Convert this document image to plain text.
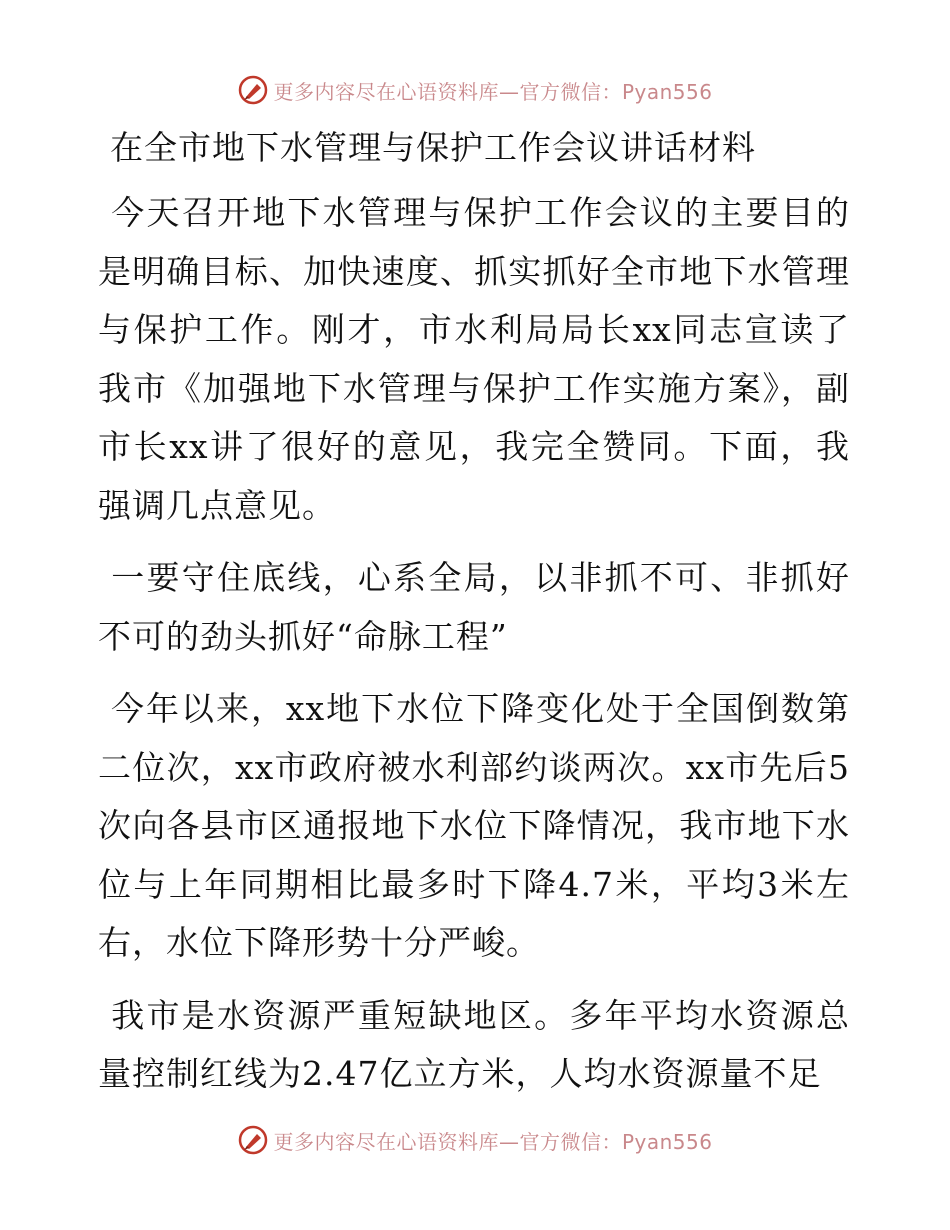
更多内容尽在心语资料库—官方微信：Pyan556
在全市地下水管理与保护工作会议讲话材料

今天召开地下水管理与保护工作会议的主要目的是明确目标、加快速度、抓实抓好全市地下水管理与保护工作。刚才，市水利局局长xx同志宣读了我市《加强地下水管理与保护工作实施方案》，副市长xx讲了很好的意见，我完全赞同。下面，我强调几点意见。

一要守住底线，心系全局，以非抓不可、非抓好不可的劲头抓好“命脉工程”

今年以来，xx地下水位下降变化处于全国倒数第二位次，xx市政府被水利部约谈两次。xx市先后5次向各县市区通报地下水位下降情况，我市地下水位与上年同期相比最多时下降4.7米，平均3米左右，水位下降形势十分严峻。

我市是水资源严重短缺地区。多年平均水资源总量控制红线为2.47亿立方米，人均水资源量不足

更多内容尽在心语资料库—官方微信：Pyan556
